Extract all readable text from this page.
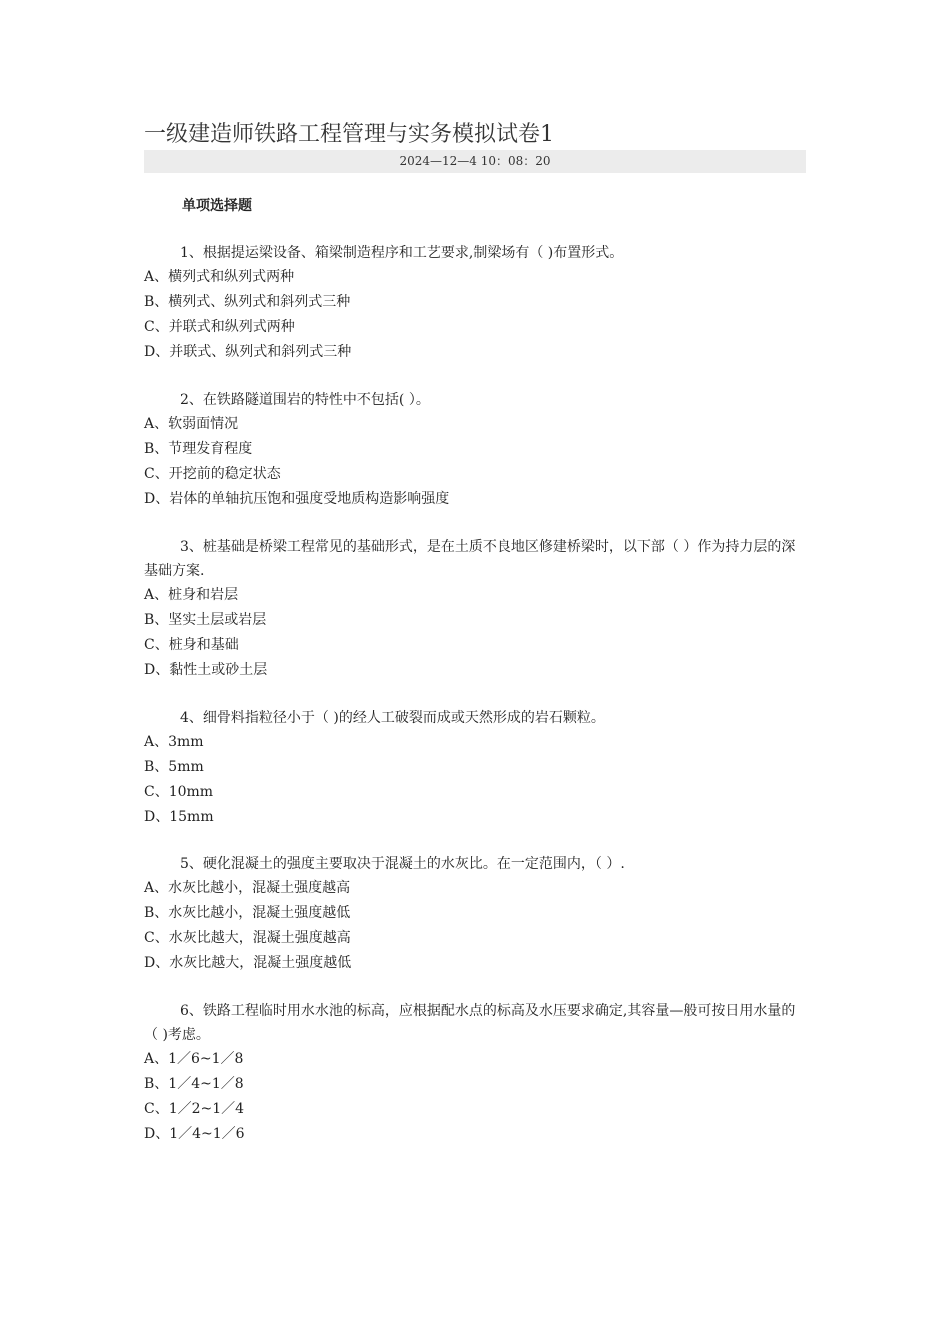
一级建造师铁路工程管理与实务模拟试卷1
2024—12—4 10：08：20
单项选择题

1、根据提运梁设备、箱梁制造程序和工艺要求,制梁场有（ )布置形式。

A、横列式和纵列式两种

B、横列式、纵列式和斜列式三种

C、并联式和纵列式两种

D、并联式、纵列式和斜列式三种

2、在铁路隧道围岩的特性中不包括( ）。

A、软弱面情况

B、节理发育程度

C、开挖前的稳定状态

D、岩体的单轴抗压饱和强度受地质构造影响强度

3、桩基础是桥梁工程常见的基础形式，是在土质不良地区修建桥梁时，以下部（ ）作为持力层的深基础方案.

A、桩身和岩层

B、坚实土层或岩层

C、桩身和基础

D、黏性土或砂土层

4、细骨料指粒径小于（ )的经人工破裂而成或天然形成的岩石颗粒。

A、3mm

B、5mm

C、10mm

D、15mm

5、硬化混凝土的强度主要取决于混凝土的水灰比。在一定范围内，（ ）.

A、水灰比越小，混凝土强度越高

B、水灰比越小，混凝土强度越低

C、水灰比越大，混凝土强度越高

D、水灰比越大，混凝土强度越低

6、铁路工程临时用水水池的标高，应根据配水点的标高及水压要求确定,其容量—般可按日用水量的（ )考虑。

A、1／6~1／8

B、1／4~1／8

C、1／2~1／4

D、1／4~1／6
